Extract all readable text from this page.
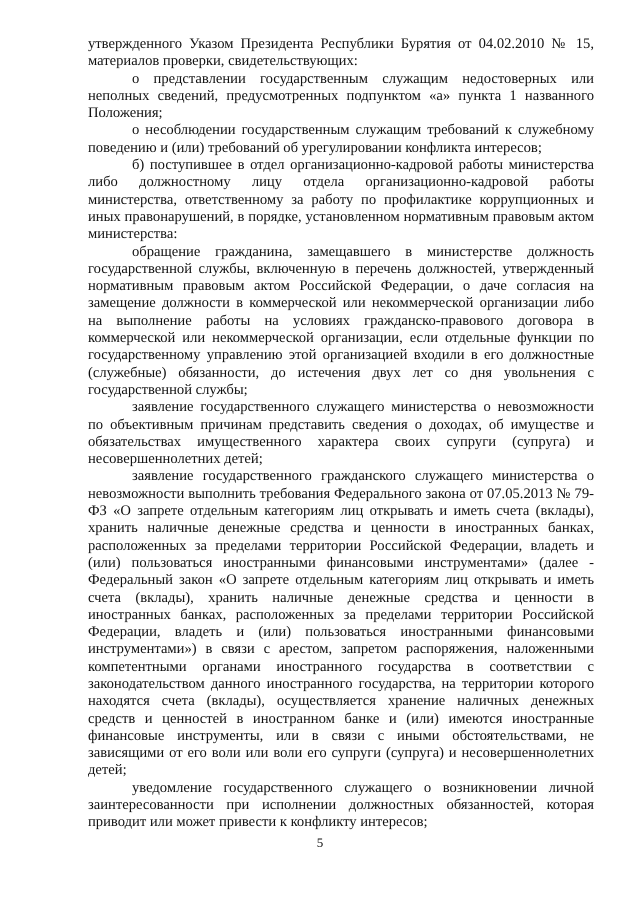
утвержденного Указом Президента Республики Бурятия от 04.02.2010 № 15, материалов проверки, свидетельствующих:

о представлении государственным служащим недостоверных или неполных сведений, предусмотренных подпунктом «а» пункта 1 названного Положения;

о несоблюдении государственным служащим требований к служебному поведению и (или) требований об урегулировании конфликта интересов;

б) поступившее в отдел организационно-кадровой работы министерства либо должностному лицу отдела организационно-кадровой работы министерства, ответственному за работу по профилактике коррупционных и иных правонарушений, в порядке, установленном нормативным правовым актом министерства:

обращение гражданина, замещавшего в министерстве должность государственной службы, включенную в перечень должностей, утвержденный нормативным правовым актом Российской Федерации, о даче согласия на замещение должности в коммерческой или некоммерческой организации либо на выполнение работы на условиях гражданско-правового договора в коммерческой или некоммерческой организации, если отдельные функции по государственному управлению этой организацией входили в его должностные (служебные) обязанности, до истечения двух лет со дня увольнения с государственной службы;

заявление государственного служащего министерства о невозможности по объективным причинам представить сведения о доходах, об имуществе и обязательствах имущественного характера своих супруги (супруга) и несовершеннолетних детей;

заявление государственного гражданского служащего министерства о невозможности выполнить требования Федерального закона от 07.05.2013 № 79-ФЗ «О запрете отдельным категориям лиц открывать и иметь счета (вклады), хранить наличные денежные средства и ценности в иностранных банках, расположенных за пределами территории Российской Федерации, владеть и (или) пользоваться иностранными финансовыми инструментами» (далее - Федеральный закон «О запрете отдельным категориям лиц открывать и иметь счета (вклады), хранить наличные денежные средства и ценности в иностранных банках, расположенных за пределами территории Российской Федерации, владеть и (или) пользоваться иностранными финансовыми инструментами») в связи с арестом, запретом распоряжения, наложенными компетентными органами иностранного государства в соответствии с законодательством данного иностранного государства, на территории которого находятся счета (вклады), осуществляется хранение наличных денежных средств и ценностей в иностранном банке и (или) имеются иностранные финансовые инструменты, или в связи с иными обстоятельствами, не зависящими от его воли или воли его супруги (супруга) и несовершеннолетних детей;

уведомление государственного служащего о возникновении личной заинтересованности при исполнении должностных обязанностей, которая приводит или может привести к конфликту интересов;

5
